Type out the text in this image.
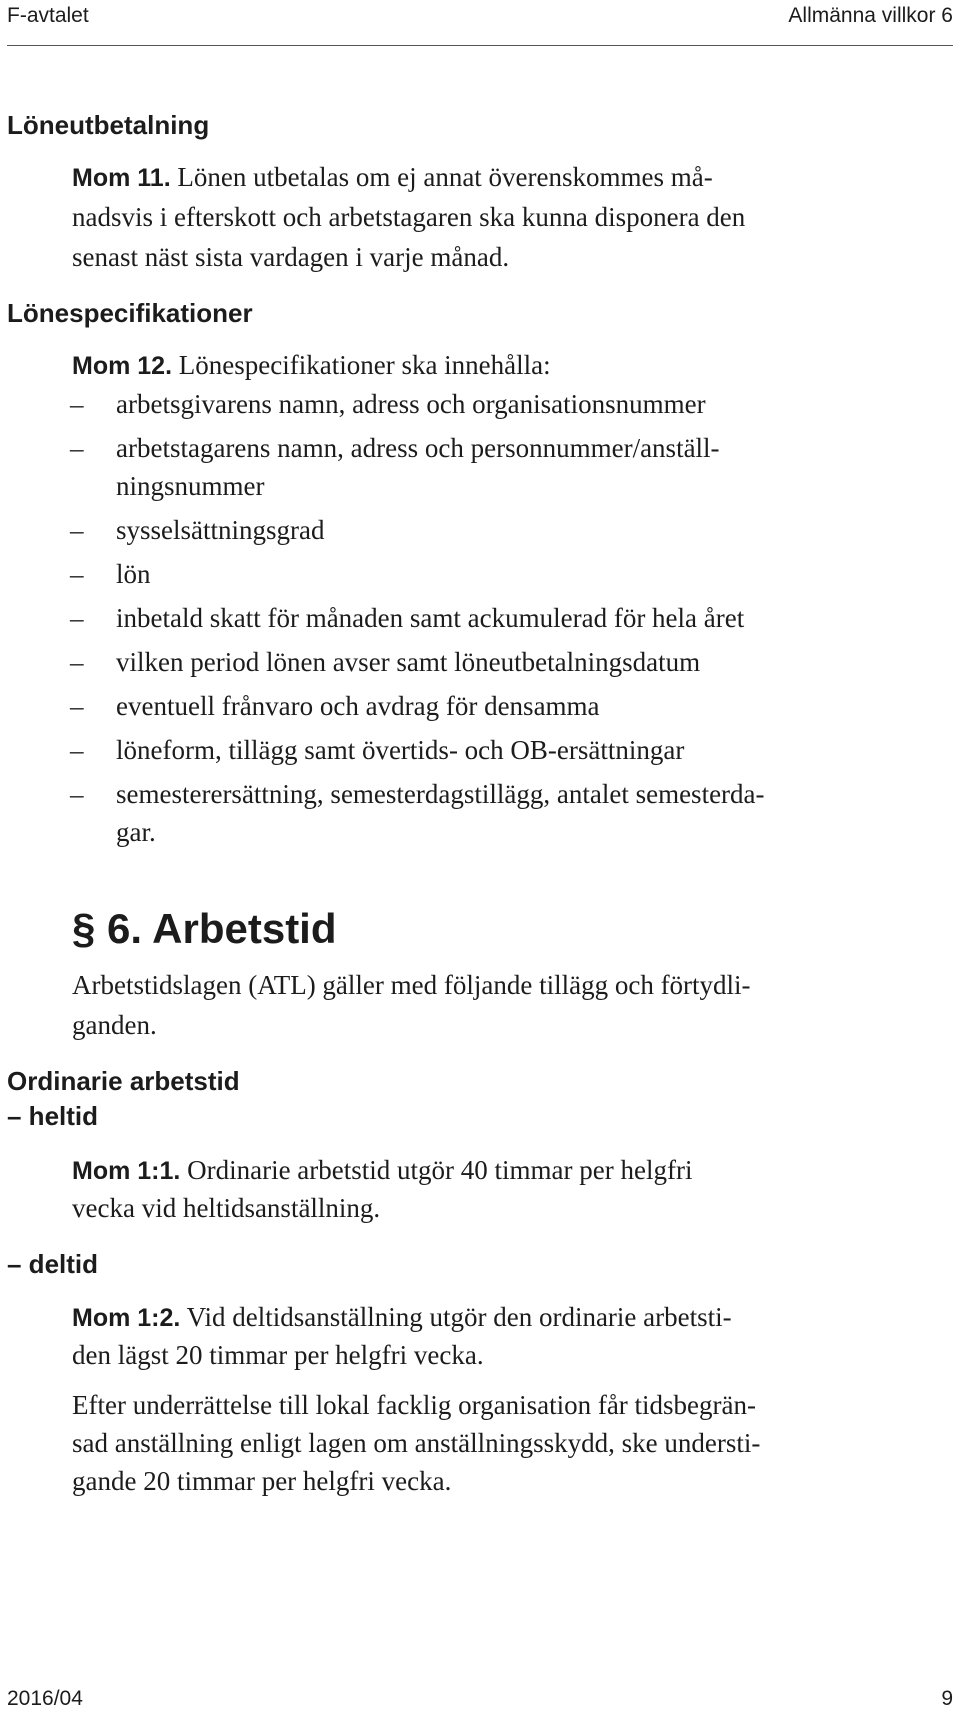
F-avtalet	Allmänna villkor 6
Löneutbetalning
Mom 11. Lönen utbetalas om ej annat överenskommes må-
nadsvis i efterskott och arbetstagaren ska kunna disponera den
senast näst sista vardagen i varje månad.
Lönespecifikationer
Mom 12. Lönespecifikationer ska innehålla:
–	arbetsgivarens namn, adress och organisationsnummer
–	arbetstagarens namn, adress och personnummer/anställ-
ningsnummer
–	sysselsättningsgrad
–	lön
–	inbetald skatt för månaden samt ackumulerad för hela året
–	vilken period lönen avser samt löneutbetalningsdatum
–	eventuell frånvaro och avdrag för densamma
–	löneform, tillägg samt övertids- och OB-ersättningar
–	semesterersättning, semesterdagstillägg, antalet semesterda-
gar.
§ 6. Arbetstid
Arbetstidslagen (ATL) gäller med följande tillägg och förtydli-
ganden.
Ordinarie arbetstid
– heltid
Mom 1:1. Ordinarie arbetstid utgör 40 timmar per helgfri
vecka vid heltidsanställning.
– deltid
Mom 1:2. Vid deltidsanställning utgör den ordinarie arbetsti-
den lägst 20 timmar per helgfri vecka.
Efter underrättelse till lokal facklig organisation får tidsbegrän-
sad anställning enligt lagen om anställningsskydd, ske understi-
gande 20 timmar per helgfri vecka.
2016/04	9
